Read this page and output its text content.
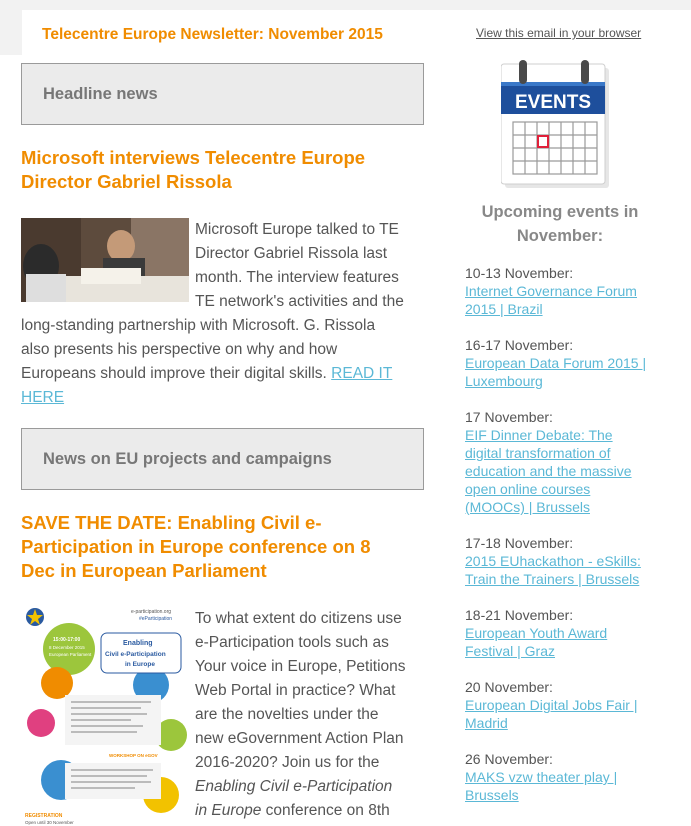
Telecentre Europe Newsletter: November 2015	View this email in your browser
Headline news
Microsoft interviews Telecentre Europe
Director Gabriel Rissola
Microsoft Europe talked to TE
Director Gabriel Rissola last
month. The interview features
TE network's activities and the
long-standing partnership with Microsoft. G. Rissola
also presents his perspective on why and how
Europeans should improve their digital skills. READ IT
HERE
News on EU projects and campaigns
SAVE THE DATE: Enabling Civil e-
Participation in Europe conference on 8
Dec in European Parliament
e-participation.org
#eParticipation
15:00-17:00
8 December 2015
European Parliament
Enabling
Civil e-Participation
in Europe
WORKSHOP ON eGOV
REGISTRATION
Open until 30 November
To what extent do citizens use
e-Participation tools such as
Your voice in Europe, Petitions
Web Portal in practice? What
are the novelties under the
new eGovernment Action Plan
2016-2020? Join us for the
Enabling Civil e-Participation
in Europe conference on 8th
EVENTS
Upcoming events in
November:
10-13 November:
Internet Governance Forum
2015 | Brazil
16-17 November:
European Data Forum 2015 |
Luxembourg
17 November:
EIF Dinner Debate: The
digital transformation of
education and the massive
open online courses
(MOOCs) | Brussels
17-18 November:
2015 EUhackathon - eSkills:
Train the Trainers | Brussels
18-21 November:
European Youth Award
Festival | Graz
20 November:
European Digital Jobs Fair |
Madrid
26 November:
MAKS vzw theater play |
Brussels
